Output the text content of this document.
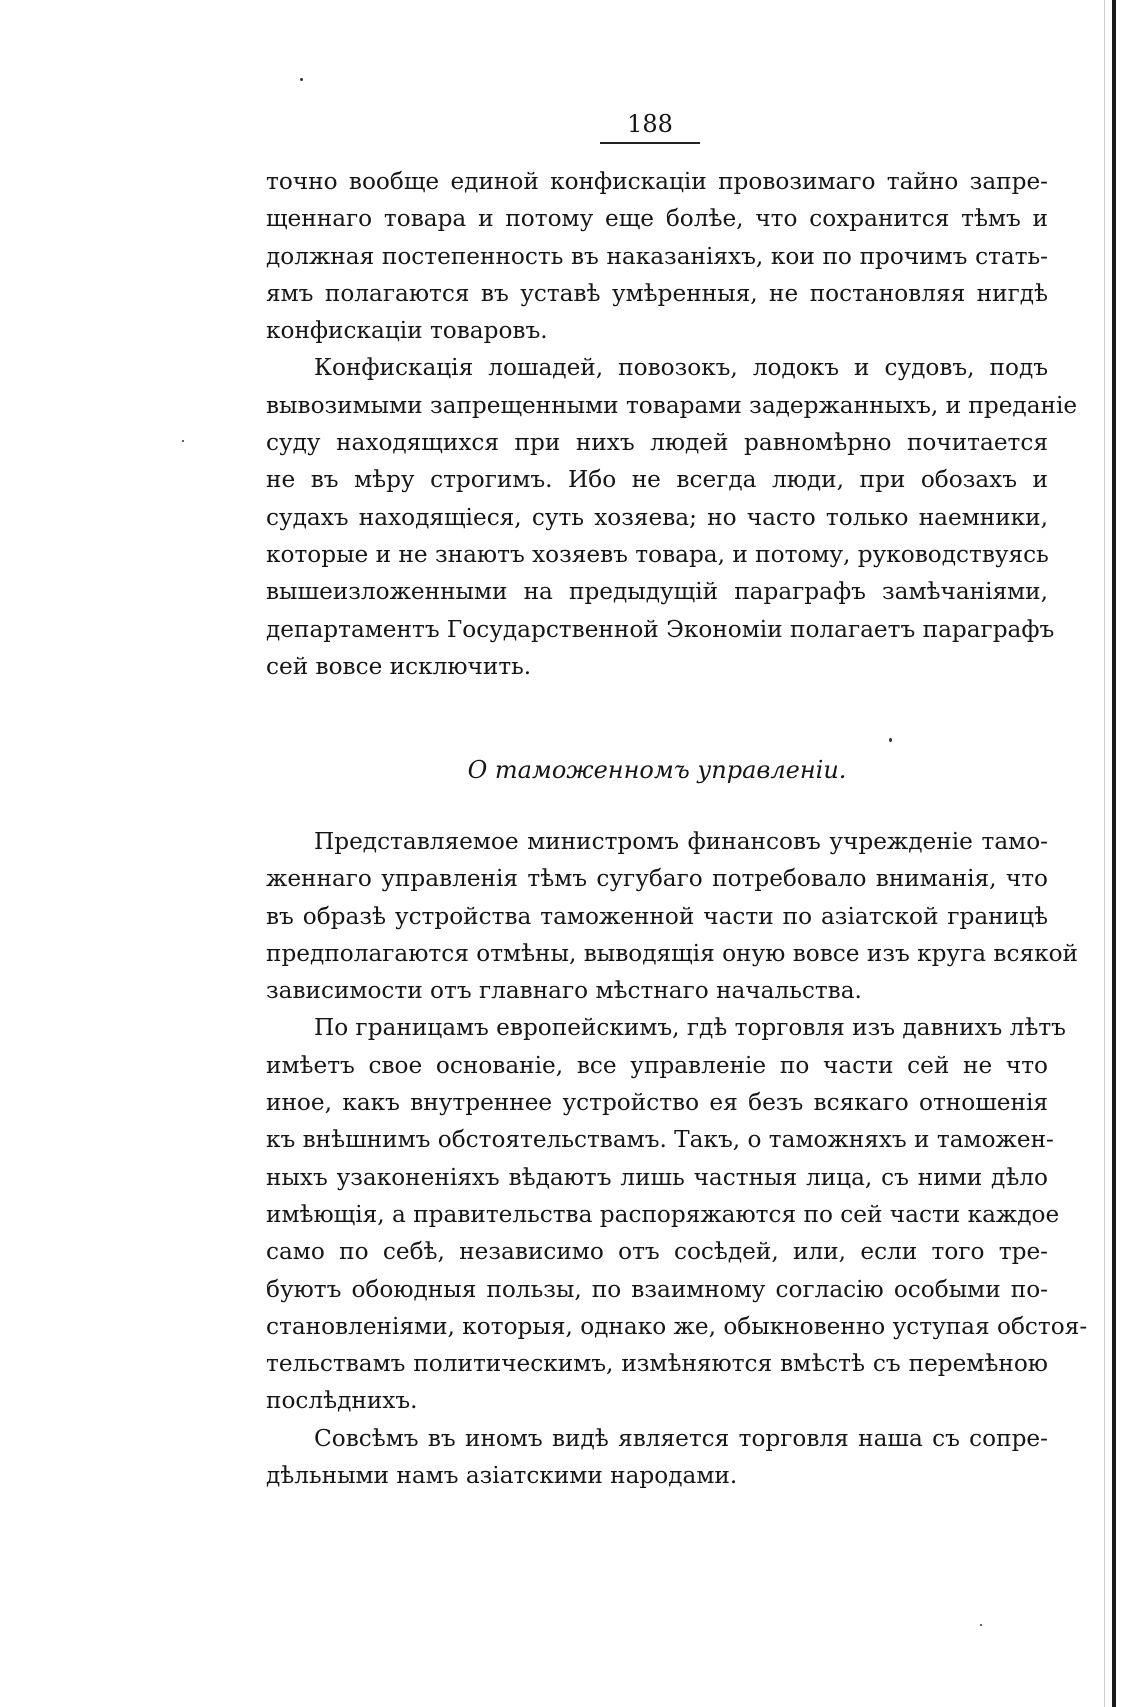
188
точно вообще единой конфискаціи провозимаго тайно запре-
щеннаго товара и потому еще болѣе, что сохранится тѣмъ и
должная постепенность въ наказаніяхъ, кои по прочимъ стать-
ямъ полагаются въ уставѣ умѣренныя, не постановляя нигдѣ
конфискаціи товаровъ.
Конфискація лошадей, повозокъ, лодокъ и судовъ, подъ
вывозимыми запрещенными товарами задержанныхъ, и преданіе
суду находящихся при нихъ людей равномѣрно почитается
не въ мѣру строгимъ. Ибо не всегда люди, при обозахъ и
судахъ находящіеся, суть хозяева; но часто только наемники,
которые и не знаютъ хозяевъ товара, и потому, руководствуясь
вышеизложенными на предыдущій параграфъ замѣчаніями,
департаментъ Государственной Экономіи полагаетъ параграфъ
сей вовсе исключить.
О таможенномъ управленіи.
Представляемое министромъ финансовъ учрежденіе тамо-
женнаго управленія тѣмъ сугубаго потребовало вниманія, что
въ образѣ устройства таможенной части по азіатской границѣ
предполагаются отмѣны, выводящія оную вовсе изъ круга всякой
зависимости отъ главнаго мѣстнаго начальства.
По границамъ европейскимъ, гдѣ торговля изъ давнихъ лѣтъ
имѣетъ свое основаніе, все управленіе по части сей не что
иное, какъ внутреннее устройство ея безъ всякаго отношенія
къ внѣшнимъ обстоятельствамъ. Такъ, о таможняхъ и таможен-
ныхъ узаконеніяхъ вѣдаютъ лишь частныя лица, съ ними дѣло
имѣющія, а правительства распоряжаются по сей части каждое
само по себѣ, независимо отъ сосѣдей, или, если того тре-
буютъ обоюдныя пользы, по взаимному согласію особыми по-
становленіями, которыя, однако же, обыкновенно уступая обстоя-
тельствамъ политическимъ, измѣняются вмѣстѣ съ перемѣною
послѣднихъ.
Совсѣмъ въ иномъ видѣ является торговля наша съ сопре-
дѣльными намъ азіатскими народами.
